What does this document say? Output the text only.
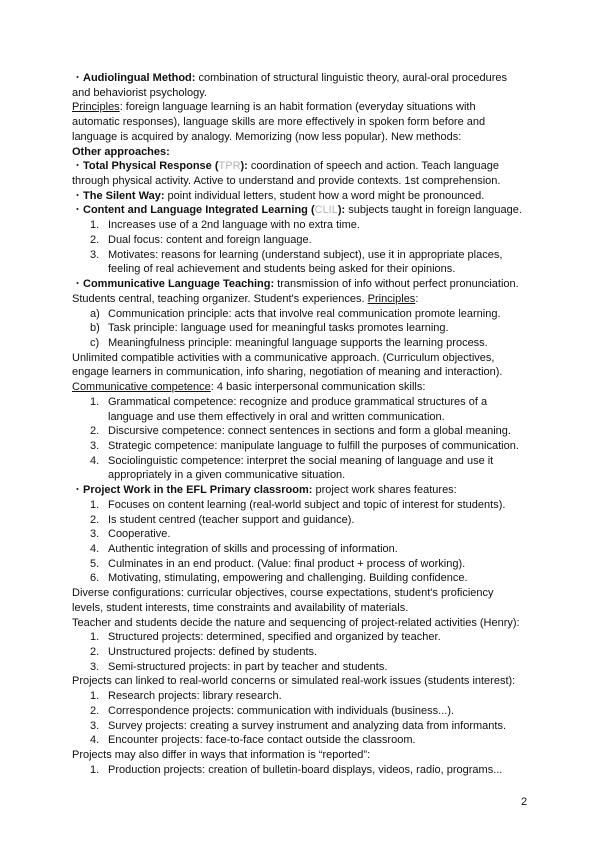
・Audiolingual Method: combination of structural linguistic theory, aural-oral procedures
and behaviorist psychology.
Principles: foreign language learning is an habit formation (everyday situations with
automatic responses), language skills are more effectively in spoken form before and
language is acquired by analogy. Memorizing (now less popular). New methods:
Other approaches:
・Total Physical Response (TPR): coordination of speech and action. Teach language
through physical activity. Active to understand and provide contexts. 1st comprehension.
・The Silent Way: point individual letters, student how a word might be pronounced.
・Content and Language Integrated Learning (CLIL): subjects taught in foreign language.
1. Increases use of a 2nd language with no extra time.
2. Dual focus: content and foreign language.
3. Motivates: reasons for learning (understand subject), use it in appropriate places,
feeling of real achievement and students being asked for their opinions.
・Communicative Language Teaching: transmission of info without perfect pronunciation.
Students central, teaching organizer. Student's experiences. Principles:
a) Communication principle: acts that involve real communication promote learning.
b) Task principle: language used for meaningful tasks promotes learning.
c) Meaningfulness principle: meaningful language supports the learning process.
Unlimited compatible activities with a communicative approach. (Curriculum objectives,
engage learners in communication, info sharing, negotiation of meaning and interaction).
Communicative competence: 4 basic interpersonal communication skills:
1. Grammatical competence: recognize and produce grammatical structures of a
language and use them effectively in oral and written communication.
2. Discursive competence: connect sentences in sections and form a global meaning.
3. Strategic competence: manipulate language to fulfill the purposes of communication.
4. Sociolinguistic competence: interpret the social meaning of language and use it
appropriately in a given communicative situation.
・Project Work in the EFL Primary classroom: project work shares features:
1. Focuses on content learning (real-world subject and topic of interest for students).
2. Is student centred (teacher support and guidance).
3. Cooperative.
4. Authentic integration of skills and processing of information.
5. Culminates in an end product. (Value: final product + process of working).
6. Motivating, stimulating, empowering and challenging. Building confidence.
Diverse configurations: curricular objectives, course expectations, student's proficiency
levels, student interests, time constraints and availability of materials.
Teacher and students decide the nature and sequencing of project-related activities (Henry):
1. Structured projects: determined, specified and organized by teacher.
2. Unstructured projects: defined by students.
3. Semi-structured projects: in part by teacher and students.
Projects can linked to real-world concerns or simulated real-work issues (students interest):
1. Research projects: library research.
2. Correspondence projects: communication with individuals (business...).
3. Survey projects: creating a survey instrument and analyzing data from informants.
4. Encounter projects: face-to-face contact outside the classroom.
Projects may also differ in ways that information is “reported”:
1. Production projects: creation of bulletin-board displays, videos, radio, programs...
2
